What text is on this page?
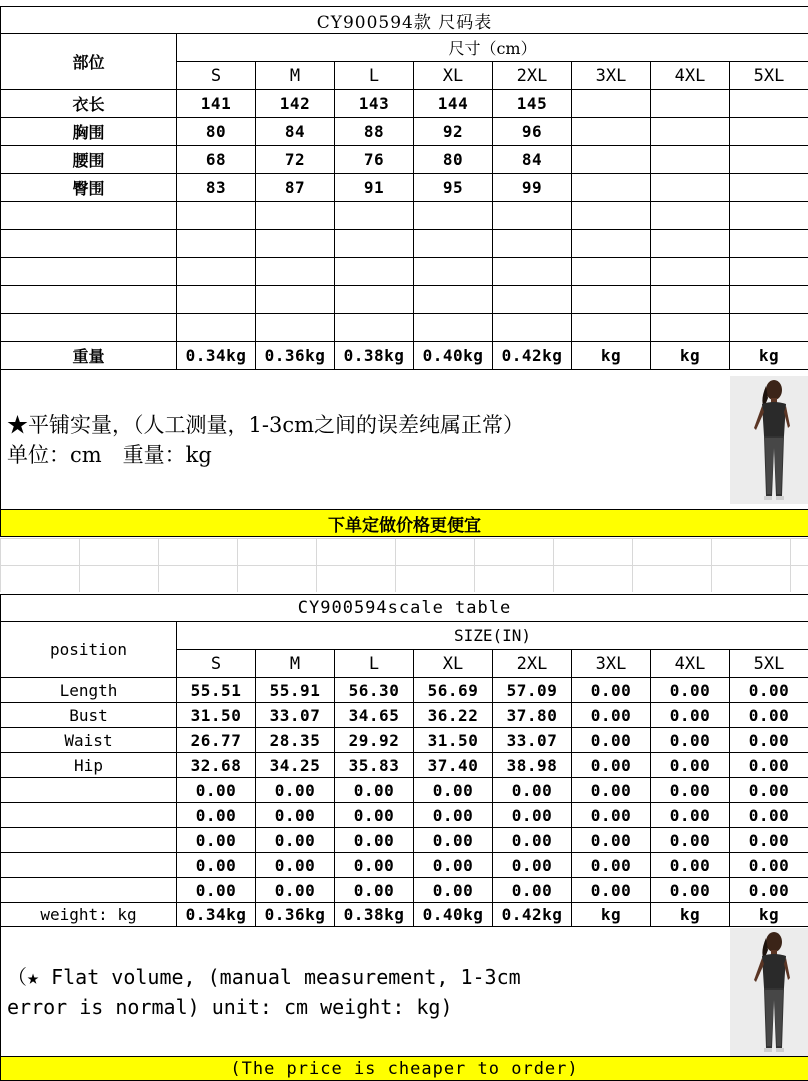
CY900594款 尺码表								
部位	尺寸（cm）							
	S	M	L	XL	2XL	3XL	4XL	5XL
衣长	141	142	143	144	145			
胸围	80	84	88	92	96			
腰围	68	72	76	80	84			
臀围	83	87	91	95	99			

重量	0.34kg	0.36kg	0.38kg	0.40kg	0.42kg	kg	kg	kg

★平铺实量，（人工测量，1-3cm之间的误差纯属正常）
单位：cm　重量：kg

下单定做价格更便宜								
CY900594scale table								
position	SIZE(IN)							
	S	M	L	XL	2XL	3XL	4XL	5XL
Length	55.51	55.91	56.30	56.69	57.09	0.00	0.00	0.00
Bust	31.50	33.07	34.65	36.22	37.80	0.00	0.00	0.00
Waist	26.77	28.35	29.92	31.50	33.07	0.00	0.00	0.00
Hip	32.68	34.25	35.83	37.40	38.98	0.00	0.00	0.00
	0.00	0.00	0.00	0.00	0.00	0.00	0.00	0.00
	0.00	0.00	0.00	0.00	0.00	0.00	0.00	0.00
	0.00	0.00	0.00	0.00	0.00	0.00	0.00	0.00
	0.00	0.00	0.00	0.00	0.00	0.00	0.00	0.00
	0.00	0.00	0.00	0.00	0.00	0.00	0.00	0.00
weight: kg	0.34kg	0.36kg	0.38kg	0.40kg	0.42kg	kg	kg	kg

（★ Flat volume, (manual measurement, 1-3cm
error is normal) unit: cm weight: kg)

(The price is cheaper to order)								
